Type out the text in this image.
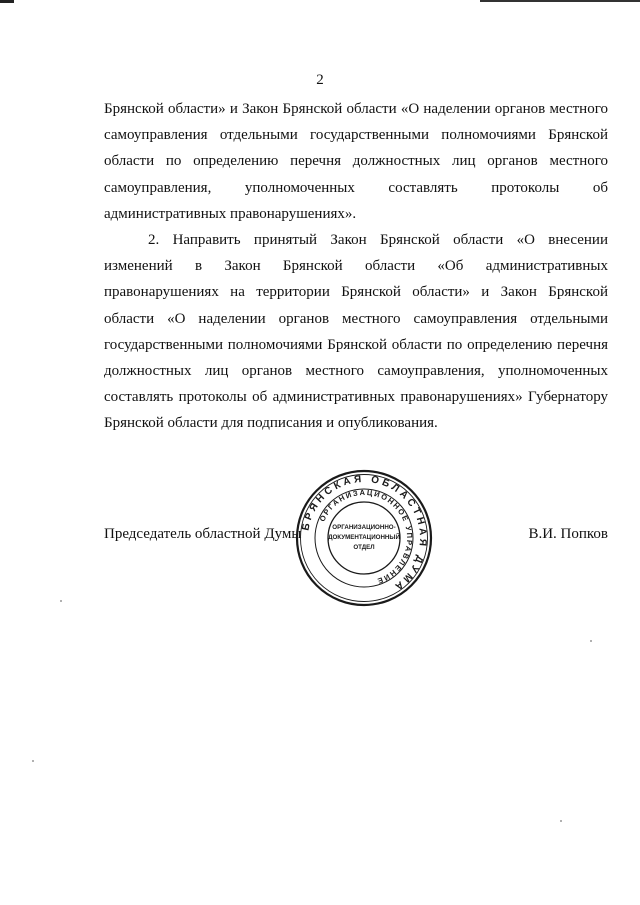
2

Брянской области» и Закон Брянской области «О наделении органов местного самоуправления отдельными государственными полномочиями Брянской области по определению перечня должностных лиц органов местного самоуправления, уполномоченных составлять протоколы об административных правонарушениях».

2. Направить принятый Закон Брянской области «О внесении изменений в Закон Брянской области «Об административных правонарушениях на территории Брянской области» и Закон Брянской области «О наделении органов местного самоуправления отдельными государственными полномочиями Брянской области по определению перечня должностных лиц органов местного самоуправления, уполномоченных составлять протоколы об административных правонарушениях» Губернатору Брянской области для подписания и опубликования.

Председатель областной Думы	В.И. Попков
БРЯНСКАЯ ОБЛАСТНАЯ ДУМА
ОРГАНИЗАЦИОННОЕ УПРАВЛЕНИЕ
ОРГАНИЗАЦИОННО-
ДОКУМЕНТАЦИОННЫЙ
ОТДЕЛ
